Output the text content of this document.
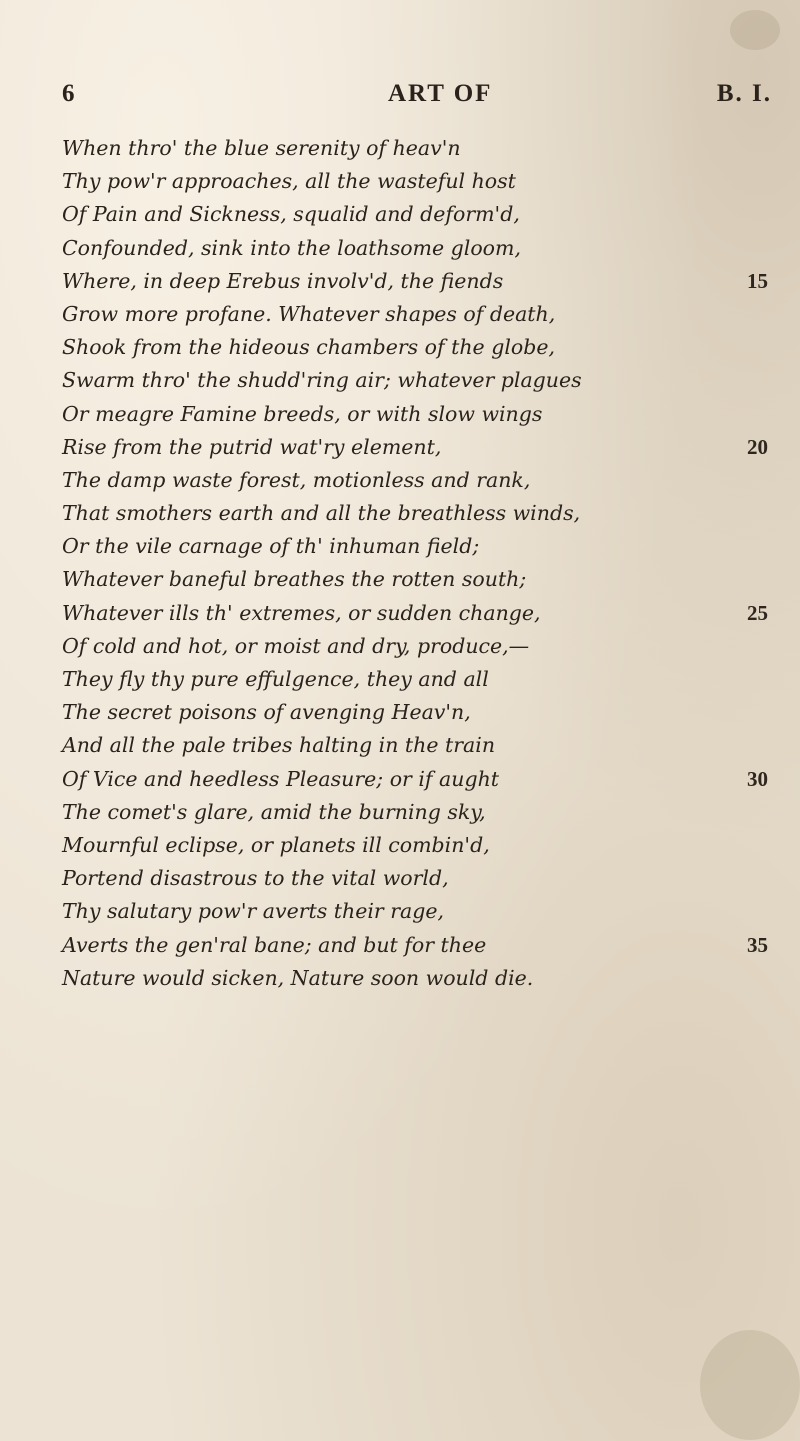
6	ART OF	B. I.
When thro' the blue serenity of heav'n
Thy pow'r approaches, all the wasteful host
Of Pain and Sickness, squalid and deform'd,
Confounded, sink into the loathsome gloom,
Where, in deep Erebus involv'd, the fiends	15
Grow more profane. Whatever shapes of death,
Shook from the hideous chambers of the globe,
Swarm thro' the shudd'ring air; whatever plagues
Or meagre Famine breeds, or with slow wings
Rise from the putrid wat'ry element,	20
The damp waste forest, motionless and rank,
That smothers earth and all the breathless winds,
Or the vile carnage of th' inhuman field;
Whatever baneful breathes the rotten south;
Whatever ills th' extremes, or sudden change,	25
Of cold and hot, or moist and dry, produce,—
They fly thy pure effulgence, they and all
The secret poisons of avenging Heav'n,
And all the pale tribes halting in the train
Of Vice and heedless Pleasure; or if aught	30
The comet's glare, amid the burning sky,
Mournful eclipse, or planets ill combin'd,
Portend disastrous to the vital world,
Thy salutary pow'r averts their rage,
Averts the gen'ral bane; and but for thee	35
Nature would sicken, Nature soon would die.
